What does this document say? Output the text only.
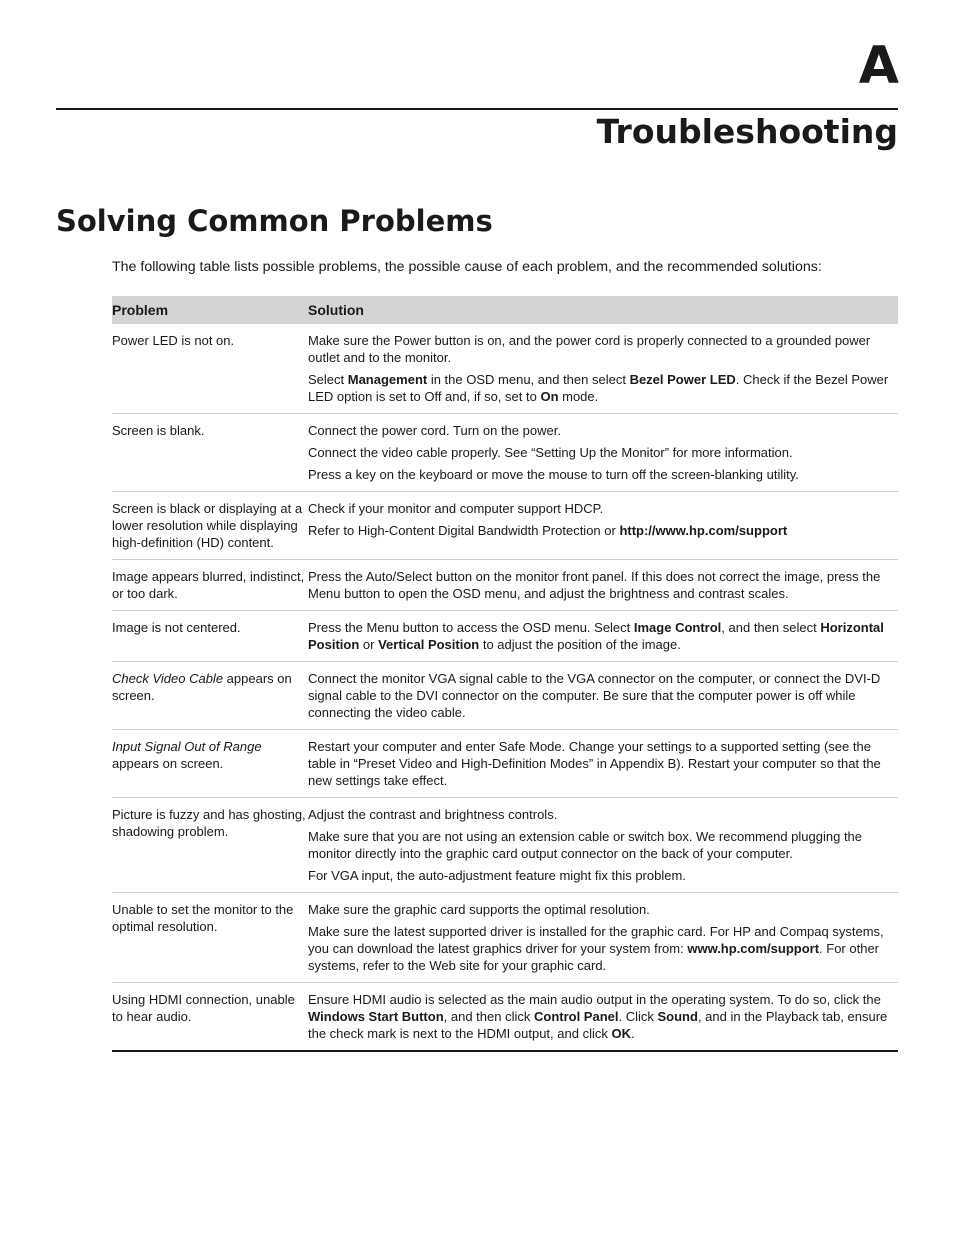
A
Troubleshooting
Solving Common Problems
The following table lists possible problems, the possible cause of each problem, and the recommended solutions:
Problem	Solution

Power LED is not on.	Make sure the Power button is on, and the power cord is properly connected to a grounded power outlet and to the monitor.

Select Management in the OSD menu, and then select Bezel Power LED. Check if the Bezel Power LED option is set to Off and, if so, set to On mode.

Screen is blank.	Connect the power cord. Turn on the power.

Connect the video cable properly. See “Setting Up the Monitor” for more information.

Press a key on the keyboard or move the mouse to turn off the screen-blanking utility.

Screen is black or displaying at a lower resolution while displaying high-definition (HD) content.	Check if your monitor and computer support HDCP.

Refer to High-Content Digital Bandwidth Protection or http://www.hp.com/support

Image appears blurred, indistinct, or too dark.	Press the Auto/Select button on the monitor front panel. If this does not correct the image, press the Menu button to open the OSD menu, and adjust the brightness and contrast scales.

Image is not centered.	Press the Menu button to access the OSD menu. Select Image Control, and then select Horizontal Position or Vertical Position to adjust the position of the image.

Check Video Cable appears on screen.	Connect the monitor VGA signal cable to the VGA connector on the computer, or connect the DVI-D signal cable to the DVI connector on the computer. Be sure that the computer power is off while connecting the video cable.

Input Signal Out of Range appears on screen.	Restart your computer and enter Safe Mode. Change your settings to a supported setting (see the table in “Preset Video and High-Definition Modes” in Appendix B). Restart your computer so that the new settings take effect.

Picture is fuzzy and has ghosting, shadowing problem.	Adjust the contrast and brightness controls.

Make sure that you are not using an extension cable or switch box. We recommend plugging the monitor directly into the graphic card output connector on the back of your computer.

For VGA input, the auto-adjustment feature might fix this problem.

Unable to set the monitor to the optimal resolution.	Make sure the graphic card supports the optimal resolution.

Make sure the latest supported driver is installed for the graphic card. For HP and Compaq systems, you can download the latest graphics driver for your system from: www.hp.com/support. For other systems, refer to the Web site for your graphic card.

Using HDMI connection, unable to hear audio.	Ensure HDMI audio is selected as the main audio output in the operating system. To do so, click the Windows Start Button, and then click Control Panel. Click Sound, and in the Playback tab, ensure the check mark is next to the HDMI output, and click OK.
